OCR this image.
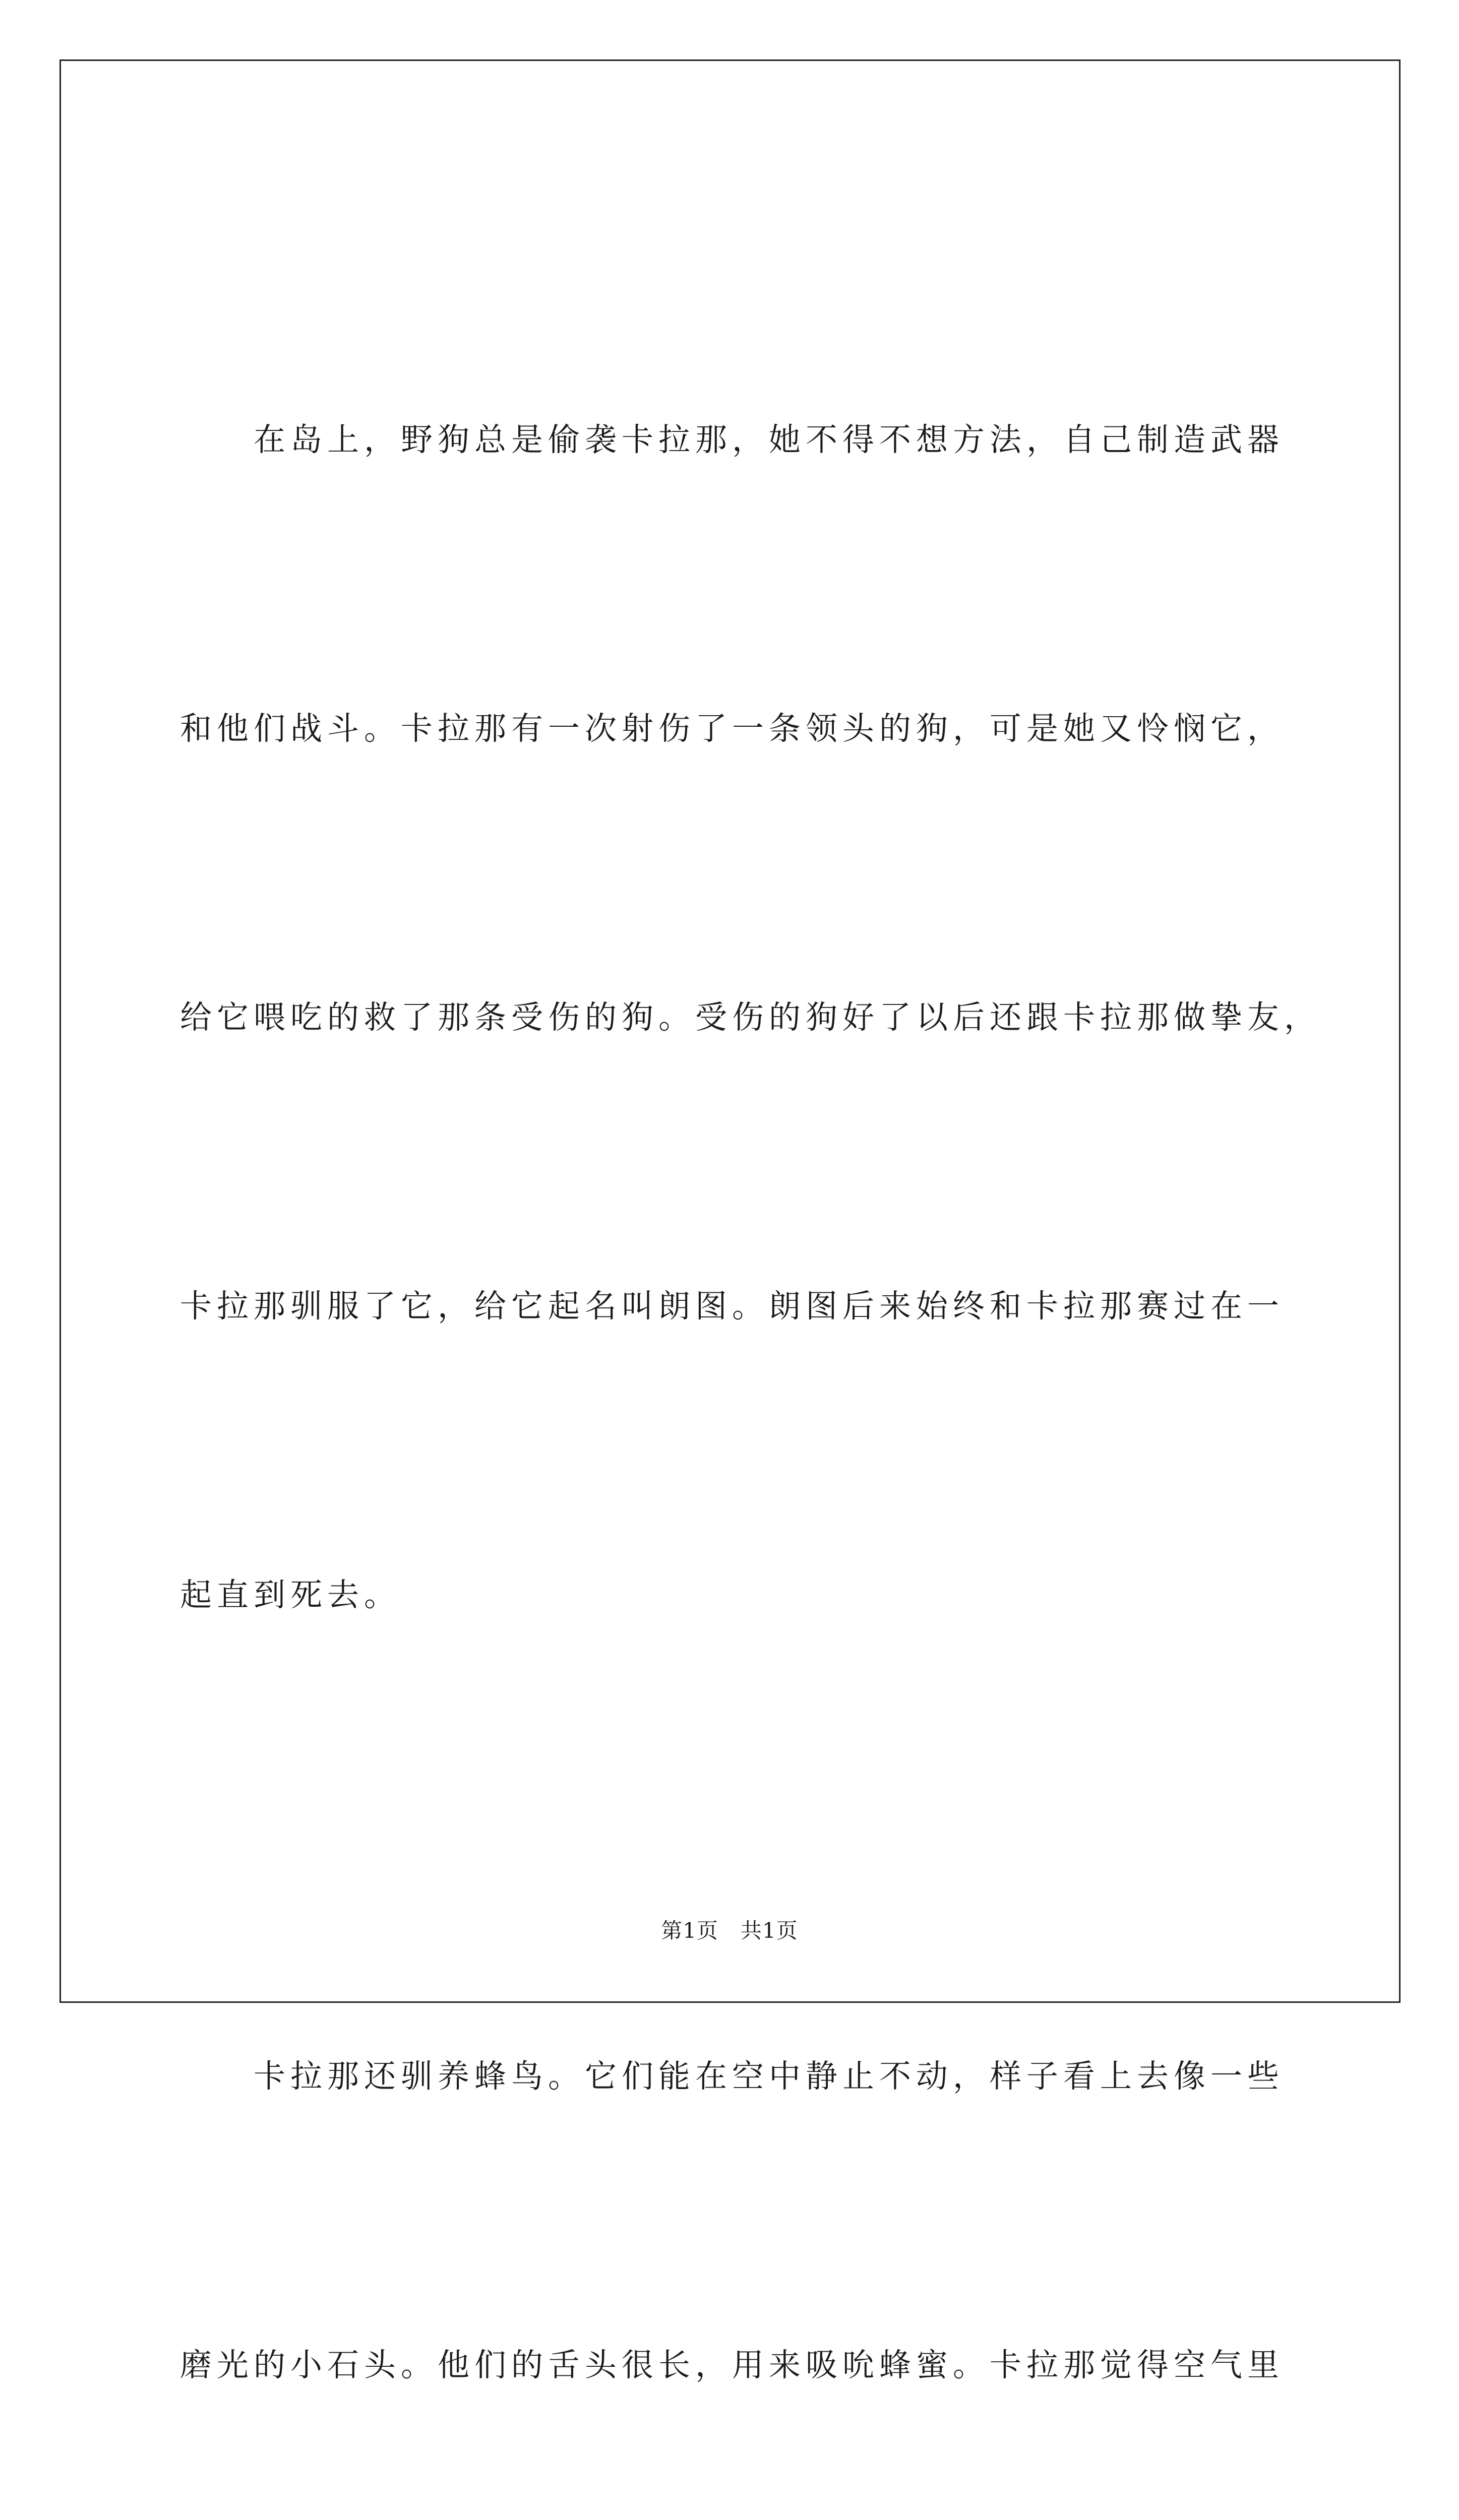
在岛上，野狗总是偷袭卡拉那，她不得不想方法，自己制造武器

和他们战斗。卡拉那有一次射伤了一条领头的狗，可是她又怜悯它，

给它喂吃的救了那条受伤的狗。受伤的狗好了以后还跟卡拉那做挚友，

卡拉那驯服了它，给它起名叫朗图。朗图后来始终和卡拉那赛过在一

起直到死去。

卡拉那还驯养蜂鸟。它们能在空中静止不动，样子看上去像一些

磨光的小石头。他们的舌头很长，用来吸吮蜂蜜。卡拉那觉得空气里

第1页 共1页
